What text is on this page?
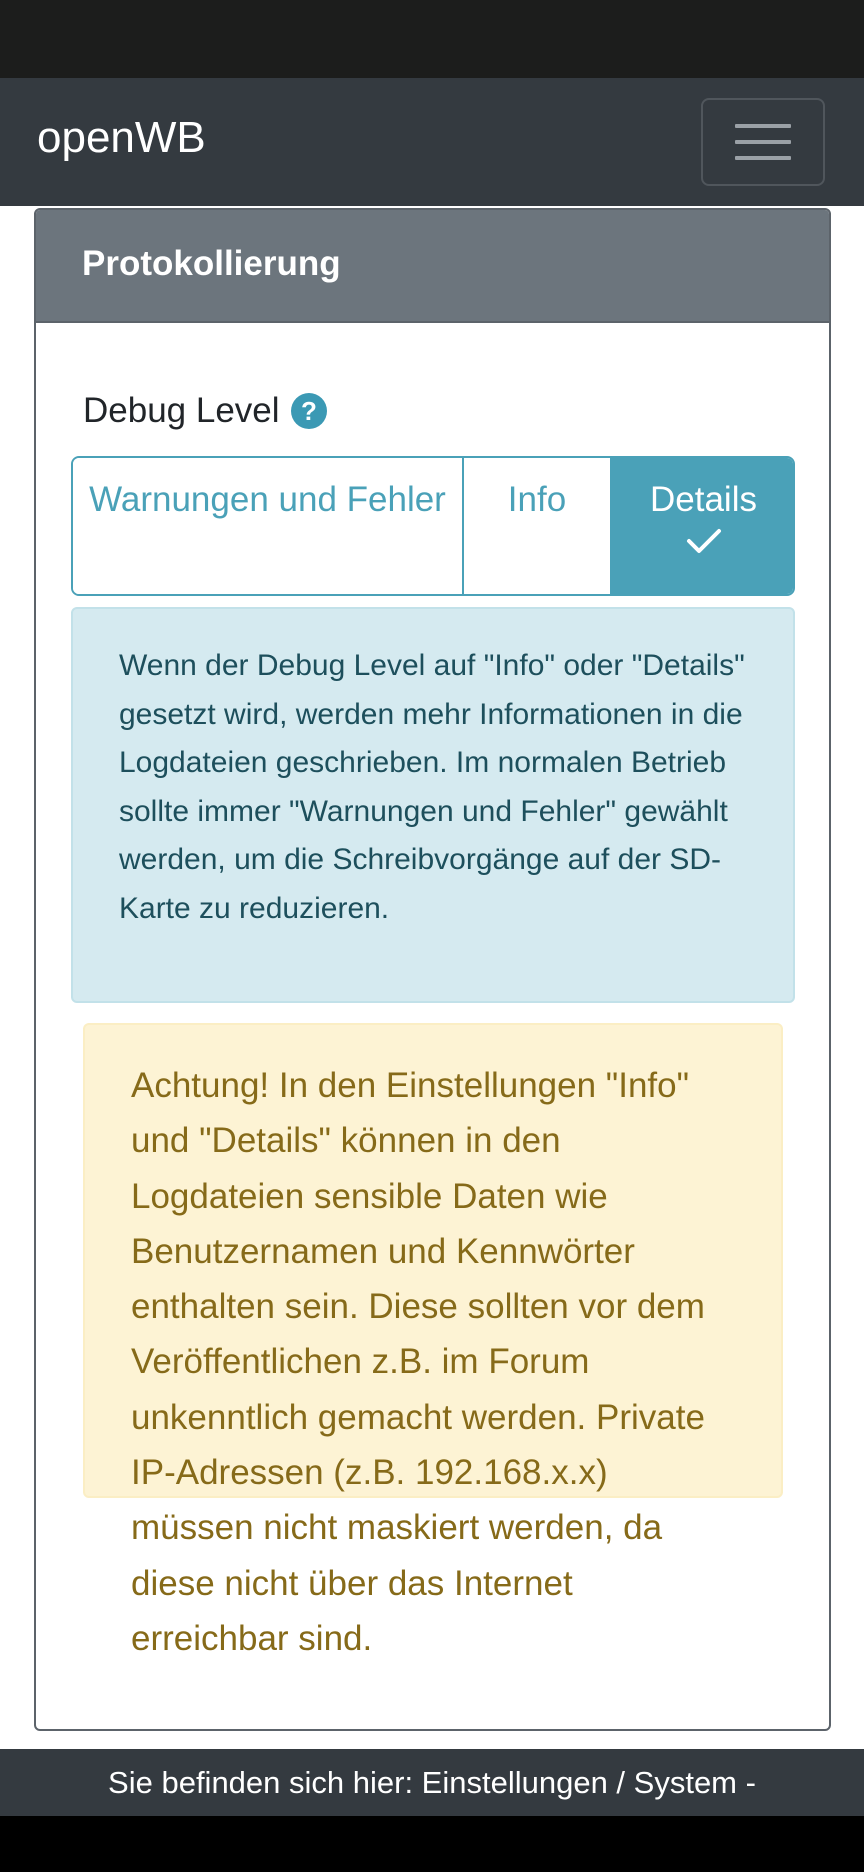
openWB
Protokollierung
Debug Level ?
Warnungen und Fehler	Info	Details
Wenn der Debug Level auf "Info" oder "Details" gesetzt wird, werden mehr Informationen in die Logdateien geschrieben. Im normalen Betrieb sollte immer "Warnungen und Fehler" gewählt werden, um die Schreibvorgänge auf der SD-Karte zu reduzieren.
Achtung! In den Einstellungen "Info" und "Details" können in den Logdateien sensible Daten wie Benutzernamen und Kennwörter enthalten sein. Diese sollten vor dem Veröffentlichen z.B. im Forum unkenntlich gemacht werden. Private IP-Adressen (z.B. 192.168.x.x) müssen nicht maskiert werden, da diese nicht über das Internet erreichbar sind.
Sie befinden sich hier: Einstellungen / System -
